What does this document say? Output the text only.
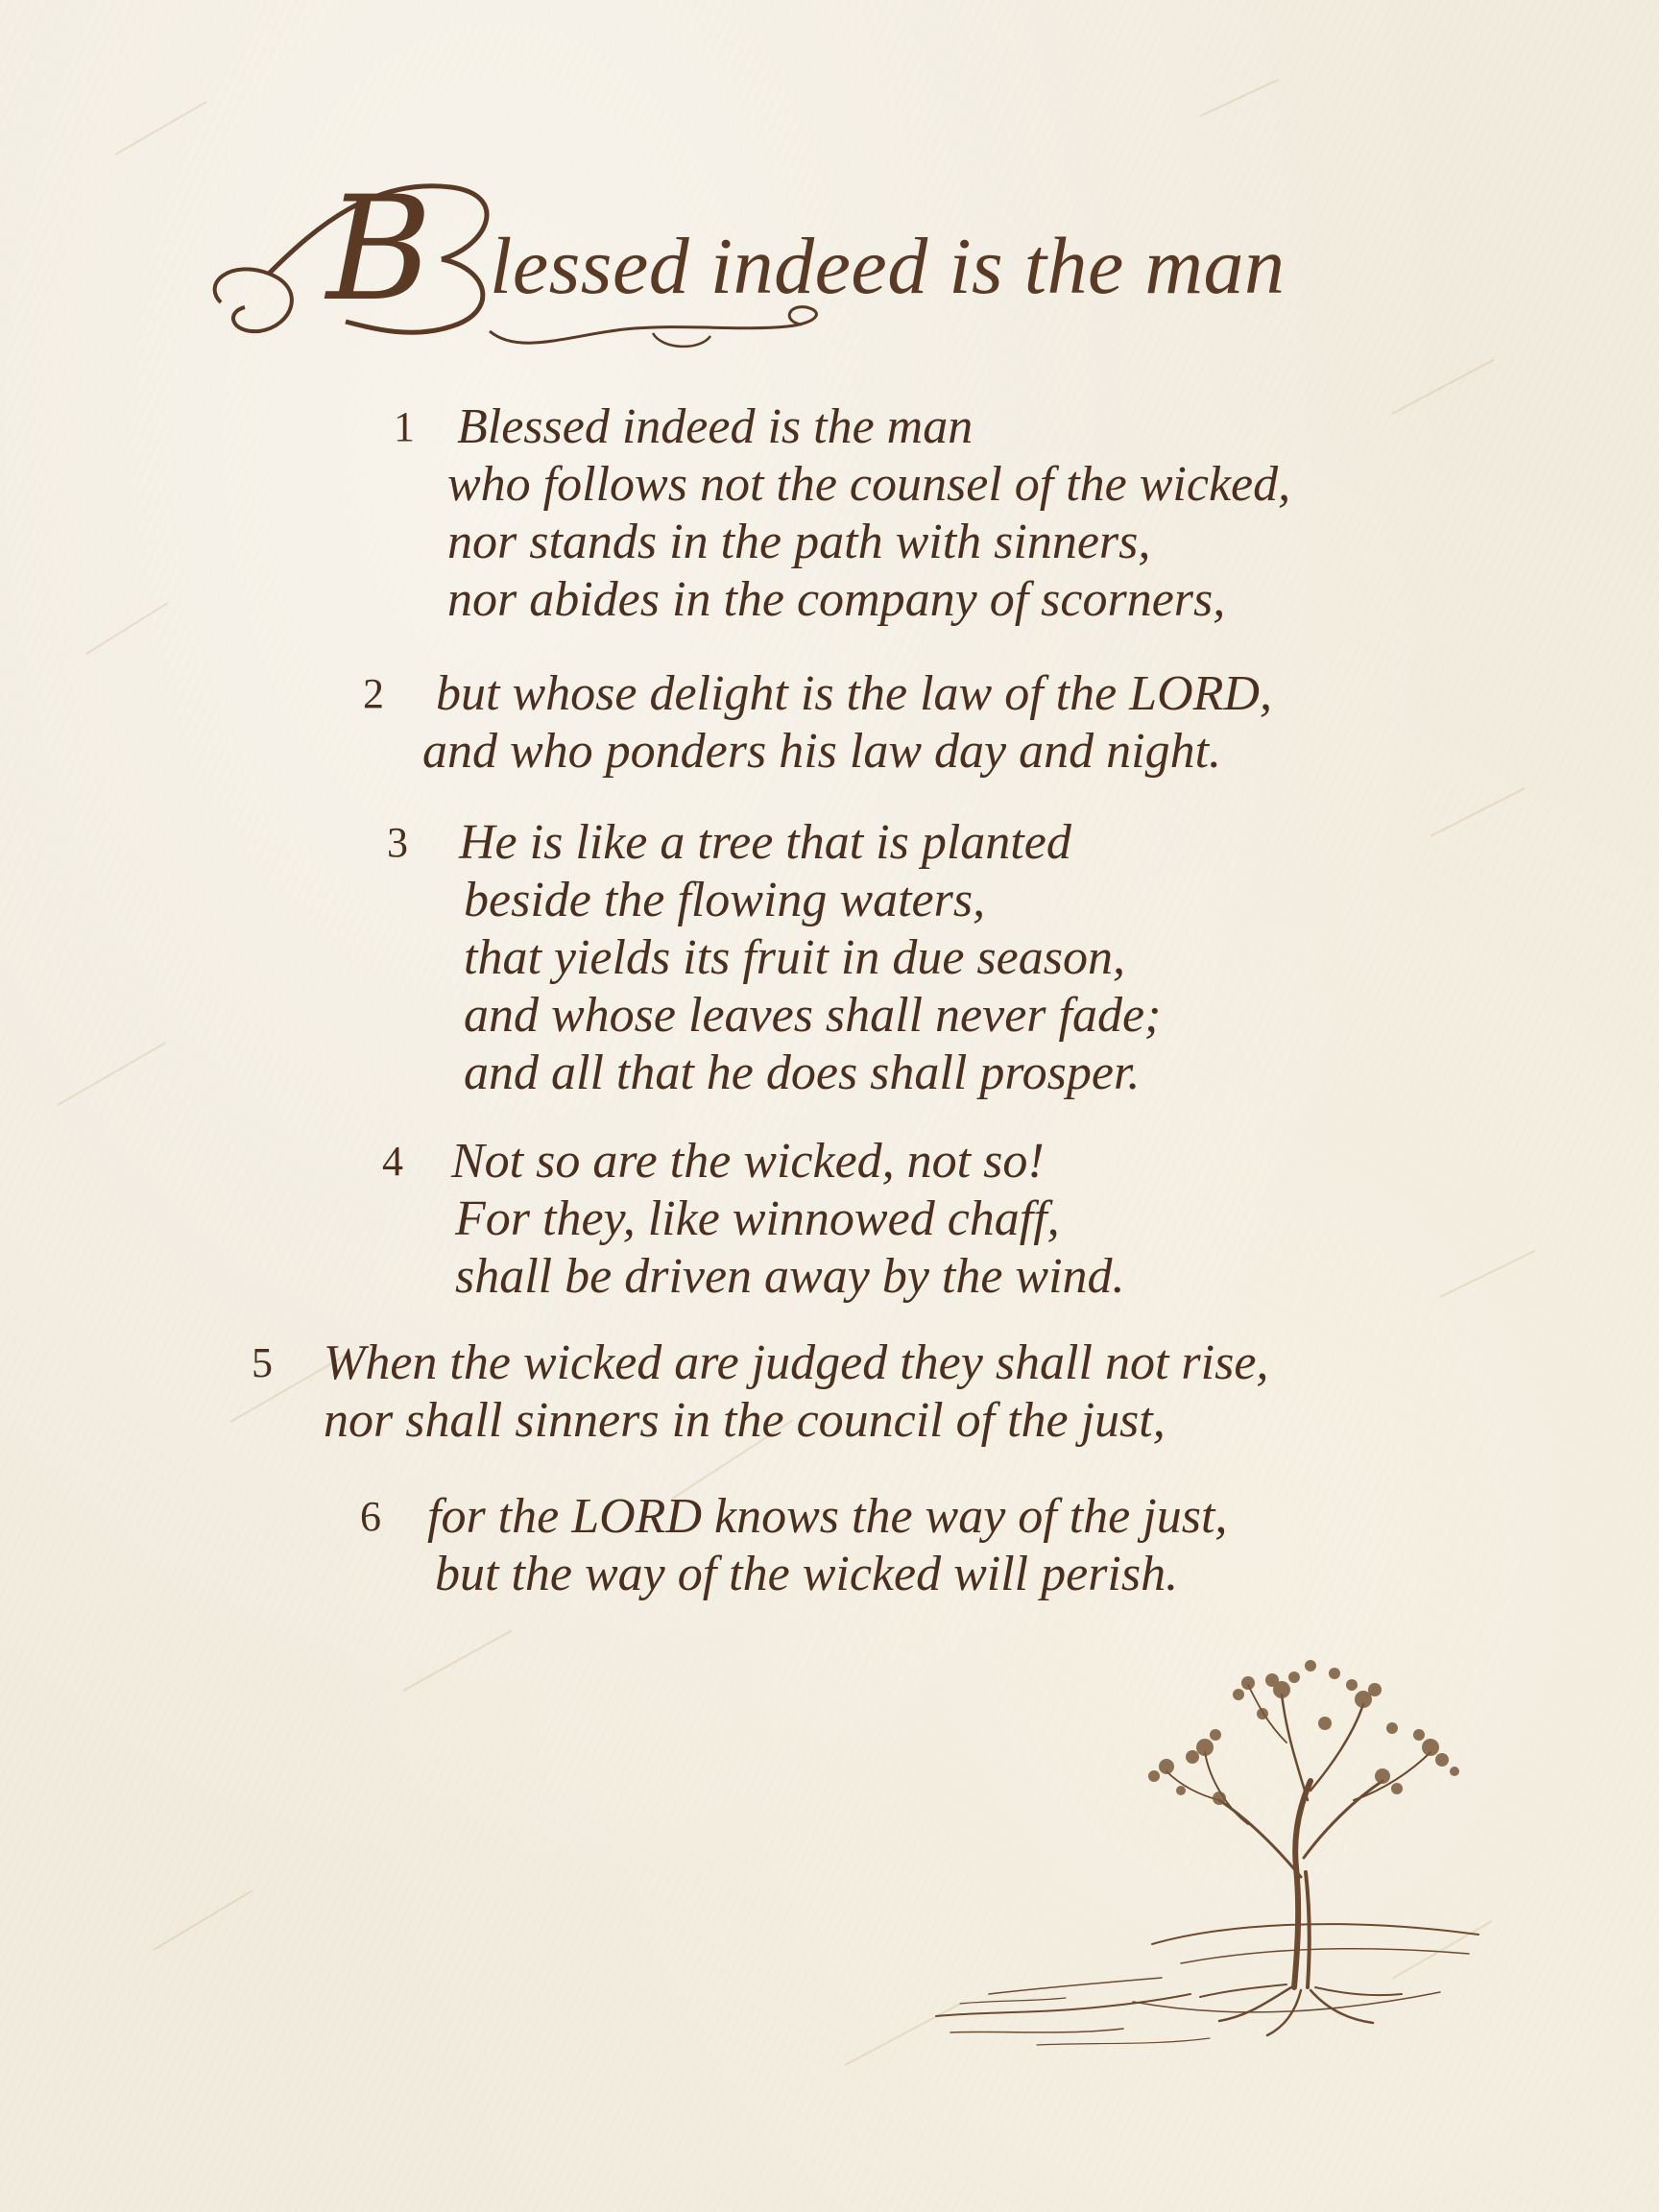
B lessed indeed is the man
1 Blessed indeed is the man
who follows not the counsel of the wicked,
nor stands in the path with sinners,
nor abides in the company of scorners,
2 but whose delight is the law of the LORD,
and who ponders his law day and night.
3 He is like a tree that is planted
beside the flowing waters,
that yields its fruit in due season,
and whose leaves shall never fade;
and all that he does shall prosper.
4 Not so are the wicked, not so!
For they, like winnowed chaff,
shall be driven away by the wind.
5 When the wicked are judged they shall not rise,
nor shall sinners in the council of the just,
6 for the LORD knows the way of the just,
but the way of the wicked will perish.
